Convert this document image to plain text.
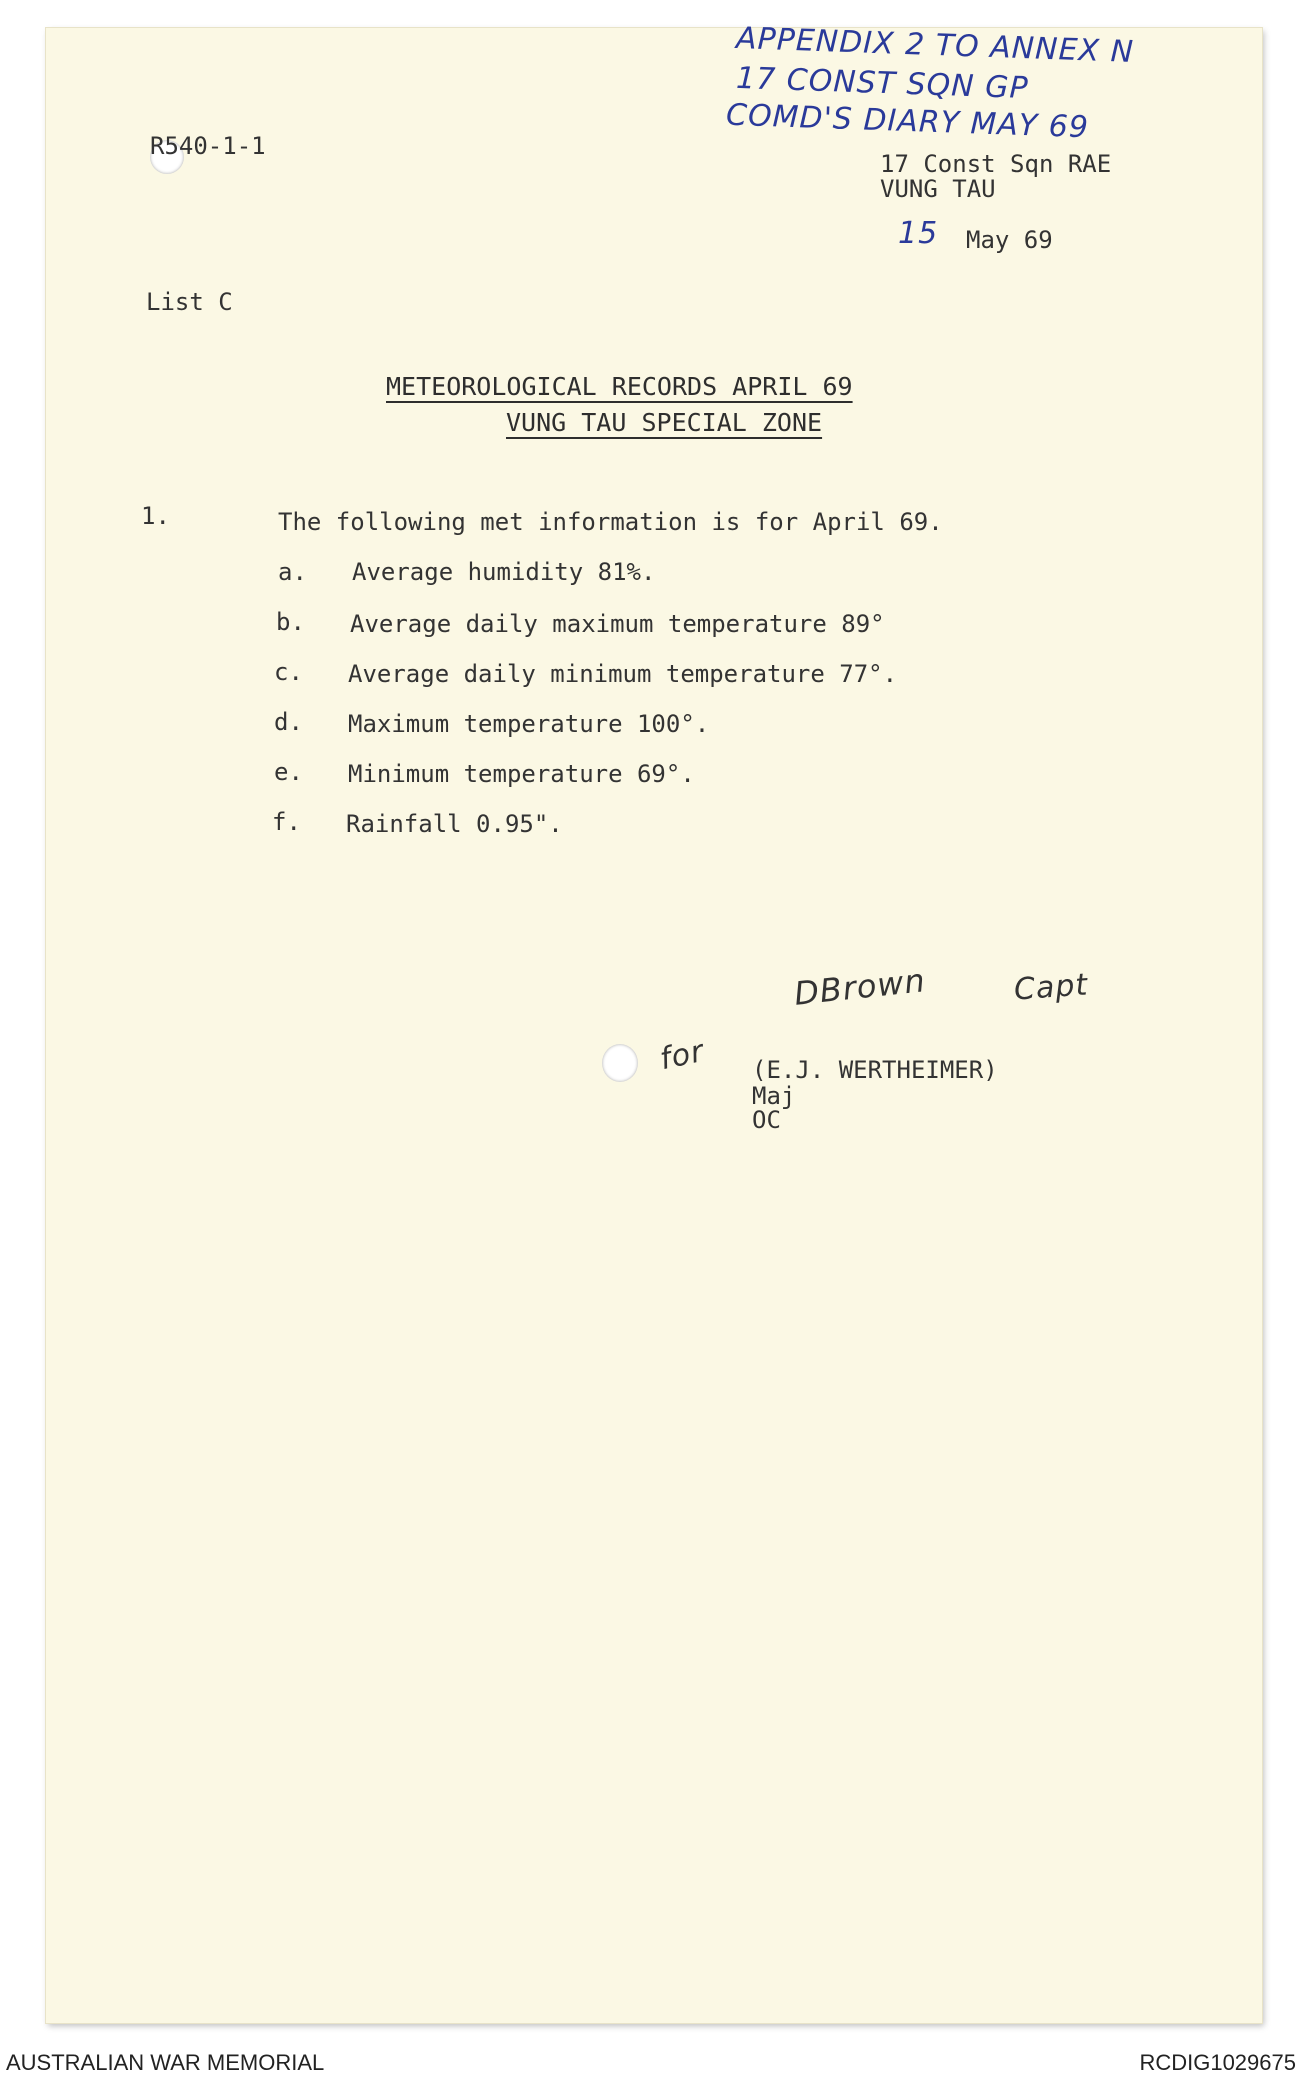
APPENDIX 2 TO ANNEX N
17 CONST SQN GP
COMD'S DIARY MAY 69
R540-1-1
17 Const Sqn RAE
VUNG TAU
15 May 69
List C
METEOROLOGICAL RECORDS APRIL 69
VUNG TAU SPECIAL ZONE
1.	The following met information is for April 69.
a. Average humidity 81%.
b. Average daily maximum temperature 89°
c. Average daily minimum temperature 77°.
d. Maximum temperature 100°.
e. Minimum temperature 69°.
f. Rainfall 0.95".
DBrown	Capt
for (E.J. WERTHEIMER)
Maj
OC
AUSTRALIAN WAR MEMORIAL	RCDIG1029675
